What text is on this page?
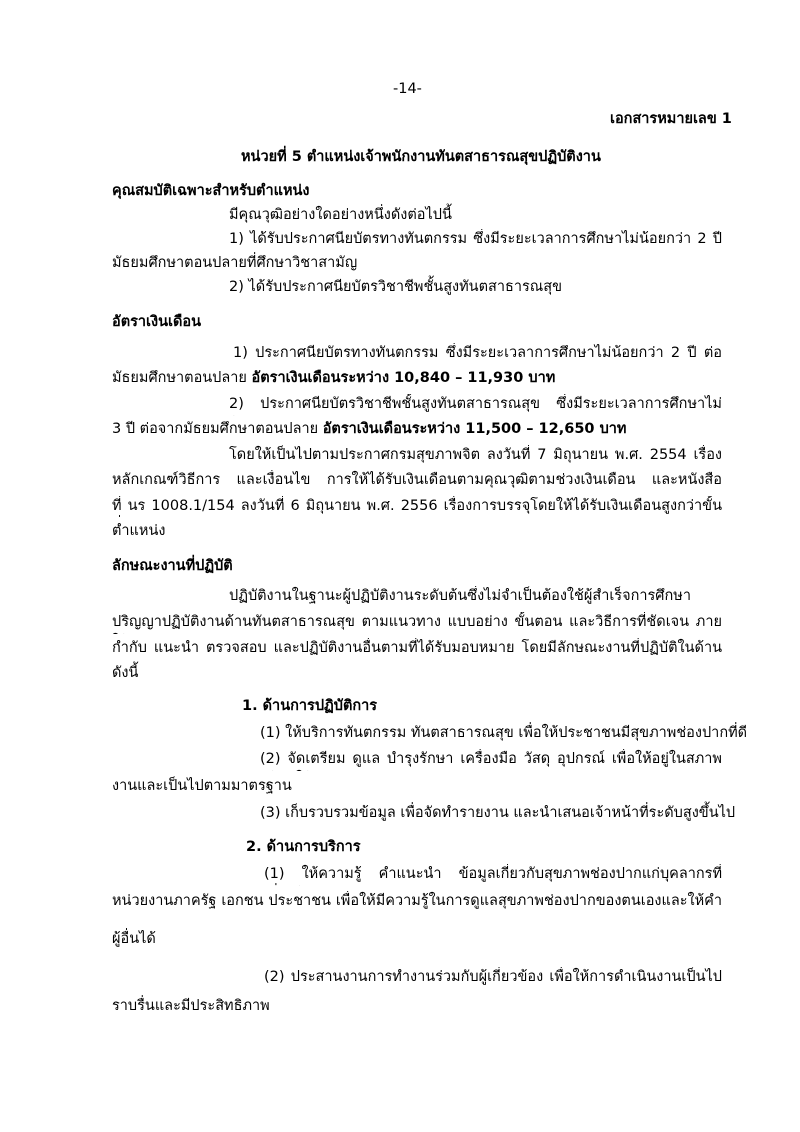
-14-
เอกสารหมายเลข 1
หน่วยที่ 5 ตำแหน่งเจ้าพนักงานทันตสาธารณสุขปฏิบัติงาน
คุณสมบัติเฉพาะสำหรับตำแหน่ง
มีคุณวุฒิอย่างใดอย่างหนึ่งดังต่อไปนี้
1) ได้รับประกาศนียบัตรทางทันตกรรม ซึ่งมีระยะเวลาการศึกษาไม่น้อยกว่า 2 ปี
มัธยมศึกษาตอนปลายที่ศึกษาวิชาสามัญ
2) ได้รับประกาศนียบัตรวิชาชีพชั้นสูงทันตสาธารณสุข
อัตราเงินเดือน
1) ประกาศนียบัตรทางทันตกรรม ซึ่งมีระยะเวลาการศึกษาไม่น้อยกว่า 2 ปี ต่อ
มัธยมศึกษาตอนปลาย อัตราเงินเดือนระหว่าง 10,840 – 11,930 บาท
2) ประกาศนียบัตรวิชาชีพชั้นสูงทันตสาธารณสุข ซึ่งมีระยะเวลาการศึกษาไม่
3 ปี ต่อจากมัธยมศึกษาตอนปลาย อัตราเงินเดือนระหว่าง 11,500 – 12,650 บาท
โดยให้เป็นไปตามประกาศกรมสุขภาพจิต ลงวันที่ 7 มิถุนายน พ.ศ. 2554 เรื่อง
หลักเกณฑ์วิธีการ และเงื่อนไข การให้ได้รับเงินเดือนตามคุณวุฒิตามช่วงเงินเดือน และหนังสือ
ที่ นร 1008.1/154 ลงวันที่ 6 มิถุนายน พ.ศ. 2556 เรื่องการบรรจุโดยให้ได้รับเงินเดือนสูงกว่าขั้น
ตำแหน่ง
ลักษณะงานที่ปฏิบัติ
ปฏิบัติงานในฐานะผู้ปฏิบัติงานระดับต้นซึ่งไม่จำเป็นต้องใช้ผู้สำเร็จการศึกษา
ปริญญาปฏิบัติงานด้านทันตสาธารณสุข ตามแนวทาง แบบอย่าง ขั้นตอน และวิธีการที่ชัดเจน ภาย
กำกับ แนะนำ ตรวจสอบ และปฏิบัติงานอื่นตามที่ได้รับมอบหมาย โดยมีลักษณะงานที่ปฏิบัติในด้าน
ดังนี้
1. ด้านการปฏิบัติการ
(1) ให้บริการทันตกรรม ทันตสาธารณสุข เพื่อให้ประชาชนมีสุขภาพช่องปากที่ดี
(2) จัดเตรียม ดูแล บำรุงรักษา เครื่องมือ วัสดุ อุปกรณ์ เพื่อให้อยู่ในสภาพ
งานและเป็นไปตามมาตรฐาน
(3) เก็บรวบรวมข้อมูล เพื่อจัดทำรายงาน และนำเสนอเจ้าหน้าที่ระดับสูงขึ้นไป
2. ด้านการบริการ
(1) ให้ความรู้ คำแนะนำ ข้อมูลเกี่ยวกับสุขภาพช่องปากแก่บุคลากรที่
หน่วยงานภาครัฐ เอกชน ประชาชน เพื่อให้มีความรู้ในการดูแลสุขภาพช่องปากของตนเองและให้คำ
ผู้อื่นได้
(2) ประสานงานการทำงานร่วมกับผู้เกี่ยวข้อง เพื่อให้การดำเนินงานเป็นไป
ราบรื่นและมีประสิทธิภาพ
